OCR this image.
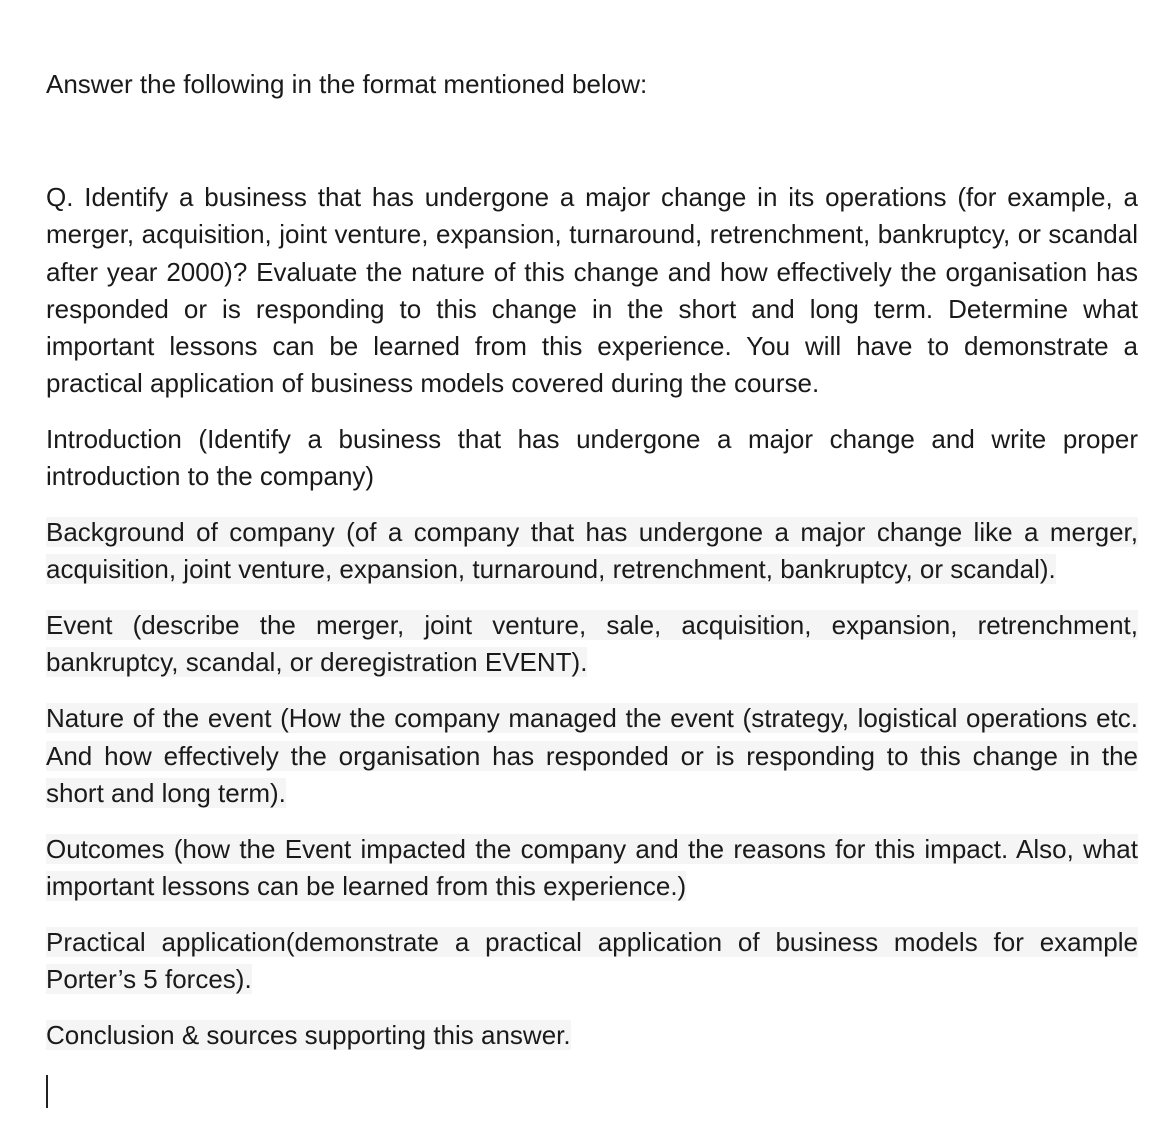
Answer the following in the format mentioned below:
Q. Identify a business that has undergone a major change in its operations (for example, a merger, acquisition, joint venture, expansion, turnaround, retrenchment, bankruptcy, or scandal after year 2000)? Evaluate the nature of this change and how effectively the organisation has responded or is responding to this change in the short and long term. Determine what important lessons can be learned from this experience. You will have to demonstrate a practical application of business models covered during the course.

Introduction (Identify a business that has undergone a major change and write proper introduction to the company)

Background of company (of a company that has undergone a major change like a merger, acquisition, joint venture, expansion, turnaround, retrenchment, bankruptcy, or scandal).

Event (describe the merger, joint venture, sale, acquisition, expansion, retrenchment, bankruptcy, scandal, or deregistration EVENT).

Nature of the event (How the company managed the event (strategy, logistical operations etc. And how effectively the organisation has responded or is responding to this change in the short and long term).

Outcomes (how the Event impacted the company and the reasons for this impact. Also, what important lessons can be learned from this experience.)

Practical application(demonstrate a practical application of business models for example Porter’s 5 forces).

Conclusion & sources supporting this answer.
